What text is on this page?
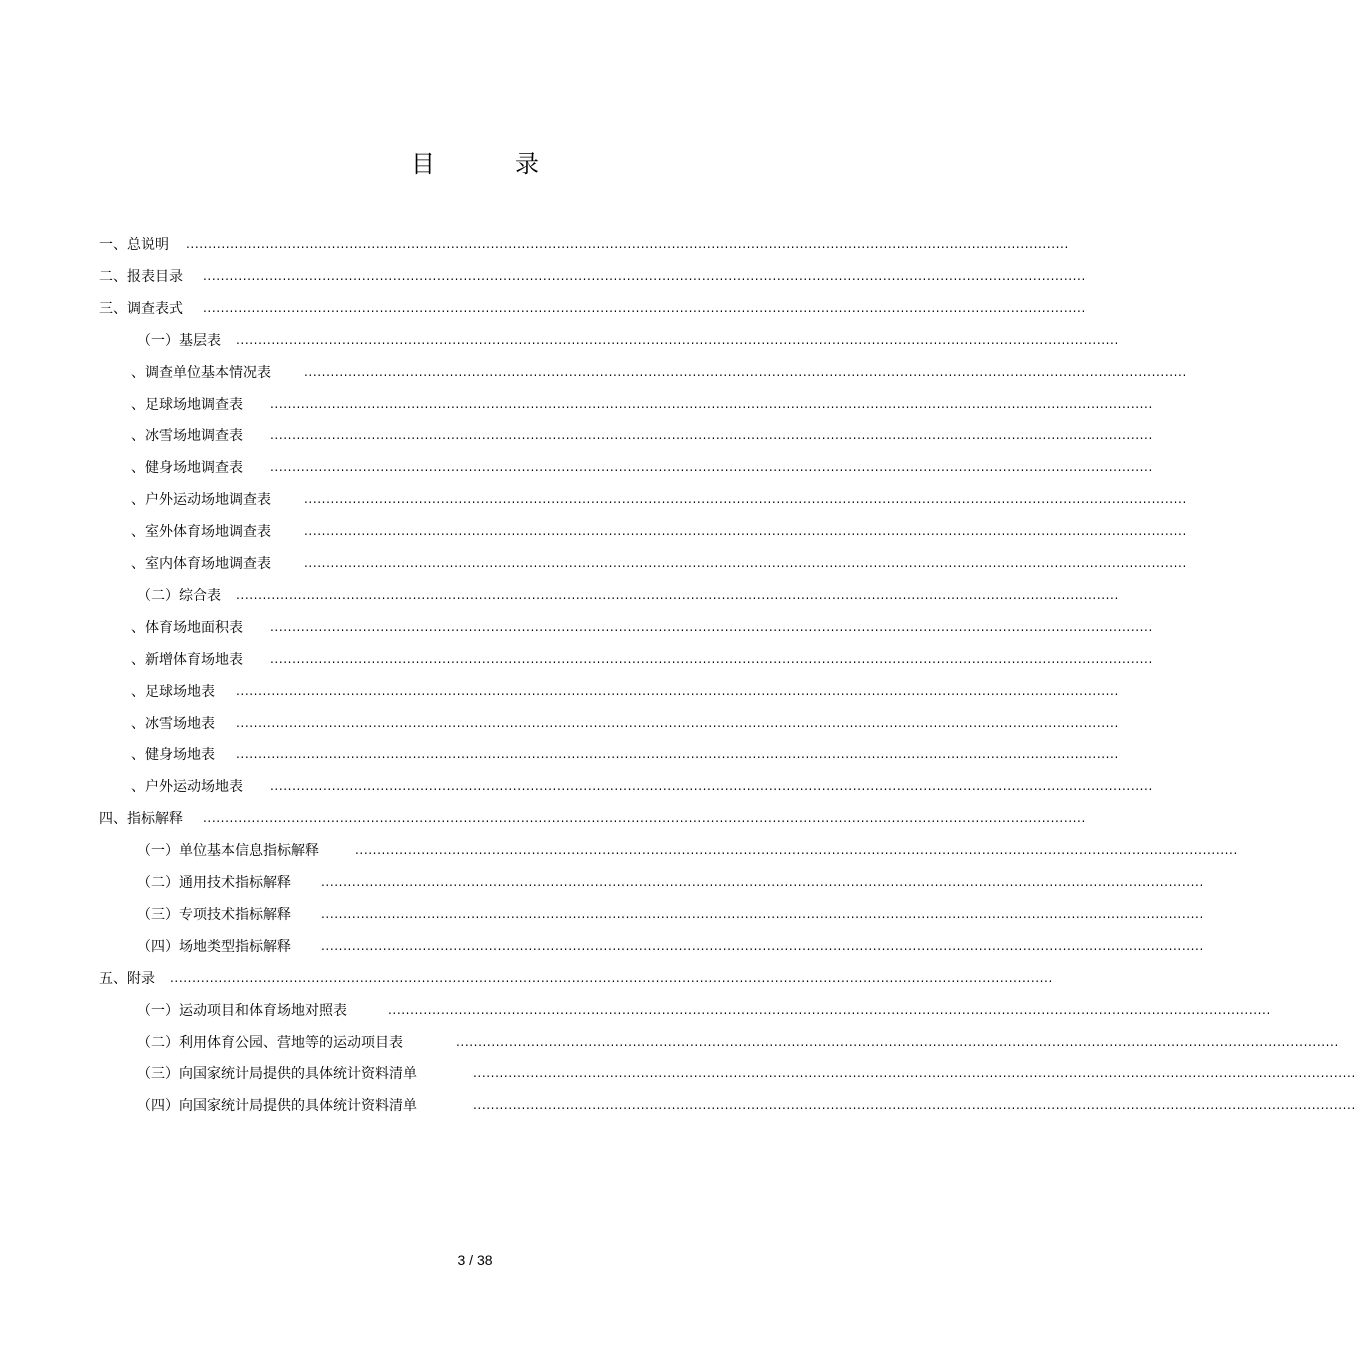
目　录
一、总说明 ........................................................................................................................................................................................................
二、报表目录 ........................................................................................................................................................................................................
三、调查表式 ........................................................................................................................................................................................................
（一）基层表 ........................................................................................................................................................................................................
、调查单位基本情况表	........................................................................................................................................................................................................
、足球场地调查表 ........................................................................................................................................................................................................
、冰雪场地调查表 ........................................................................................................................................................................................................
、健身场地调查表 ........................................................................................................................................................................................................
、户外运动场地调查表	........................................................................................................................................................................................................
、室外体育场地调查表	........................................................................................................................................................................................................
、室内体育场地调查表	........................................................................................................................................................................................................
（二）综合表 ........................................................................................................................................................................................................
、体育场地面积表 ........................................................................................................................................................................................................
、新增体育场地表 ........................................................................................................................................................................................................
、足球场地表 ........................................................................................................................................................................................................
、冰雪场地表 ........................................................................................................................................................................................................
、健身场地表 ........................................................................................................................................................................................................
、户外运动场地表 ........................................................................................................................................................................................................
四、指标解释 ........................................................................................................................................................................................................
（一）单位基本信息指标解释	........................................................................................................................................................................................................
（二）通用技术指标解释	........................................................................................................................................................................................................
（三）专项技术指标解释	........................................................................................................................................................................................................
（四）场地类型指标解释	........................................................................................................................................................................................................
五、附录 ........................................................................................................................................................................................................
（一）运动项目和体育场地对照表	........................................................................................................................................................................................................
（二）利用体育公园、营地等的运动项目表	........................................................................................................................................................................................................
（三）向国家统计局提供的具体统计资料清单	........................................................................................................................................................................................................
（四）向国家统计局提供的具体统计资料清单	........................................................................................................................................................................................................
3 / 38
